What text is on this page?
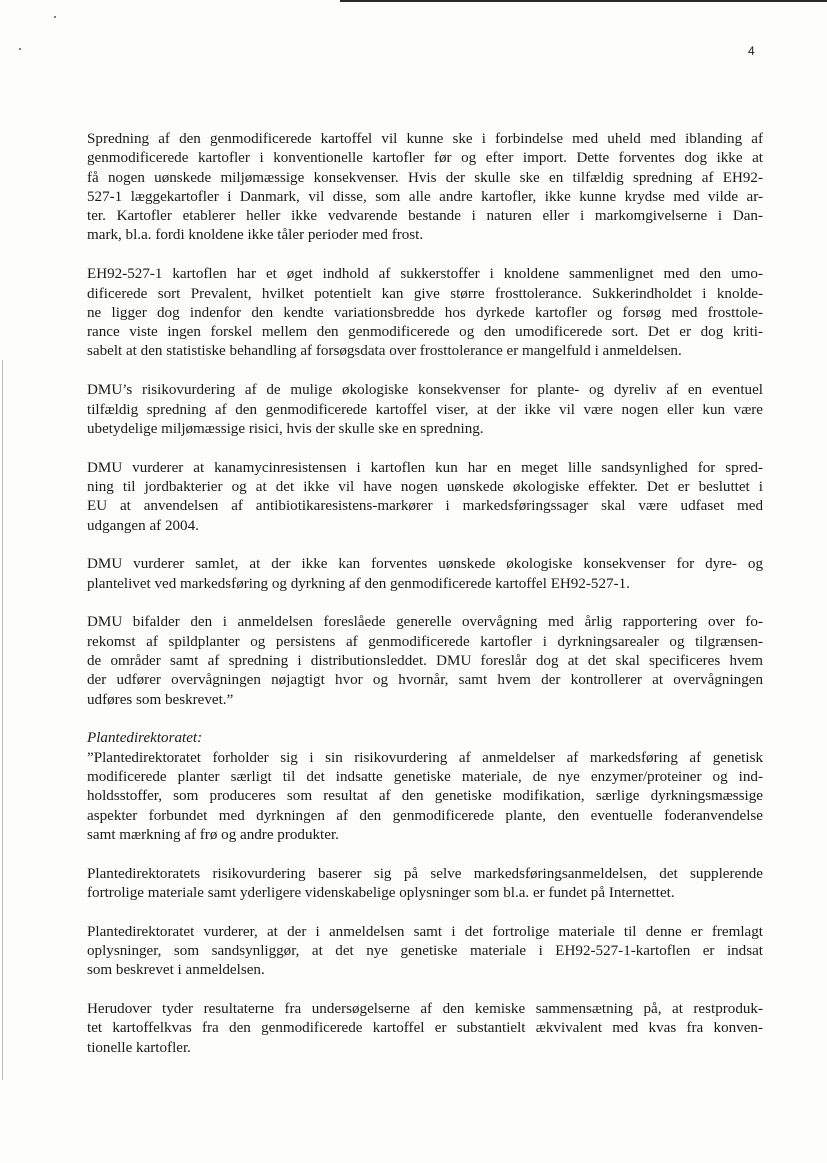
4
Spredning af den genmodificerede kartoffel vil kunne ske i forbindelse med uheld med iblanding af
genmodificerede kartofler i konventionelle kartofler før og efter import. Dette forventes dog ikke at
få nogen uønskede miljømæssige konsekvenser. Hvis der skulle ske en tilfældig spredning af EH92-
527-1 læggekartofler i Danmark, vil disse, som alle andre kartofler, ikke kunne krydse med vilde ar-
ter. Kartofler etablerer heller ikke vedvarende bestande i naturen eller i markomgivelserne i Dan-
mark, bl.a. fordi knoldene ikke tåler perioder med frost.
EH92-527-1 kartoflen har et øget indhold af sukkerstoffer i knoldene sammenlignet med den umo-
dificerede sort Prevalent, hvilket potentielt kan give større frosttolerance. Sukkerindholdet i knolde-
ne ligger dog indenfor den kendte variationsbredde hos dyrkede kartofler og forsøg med frosttole-
rance viste ingen forskel mellem den genmodificerede og den umodificerede sort. Det er dog kriti-
sabelt at den statistiske behandling af forsøgsdata over frosttolerance er mangelfuld i anmeldelsen.
DMU’s risikovurdering af de mulige økologiske konsekvenser for plante- og dyreliv af en eventuel
tilfældig spredning af den genmodificerede kartoffel viser, at der ikke vil være nogen eller kun være
ubetydelige miljømæssige risici, hvis der skulle ske en spredning.
DMU vurderer at kanamycinresistensen i kartoflen kun har en meget lille sandsynlighed for spred-
ning til jordbakterier og at det ikke vil have nogen uønskede økologiske effekter. Det er besluttet i
EU at anvendelsen af antibiotikaresistens-markører i markedsføringssager skal være udfaset med
udgangen af 2004.
DMU vurderer samlet, at der ikke kan forventes uønskede økologiske konsekvenser for dyre- og
plantelivet ved markedsføring og dyrkning af den genmodificerede kartoffel EH92-527-1.
DMU bifalder den i anmeldelsen foreslåede generelle overvågning med årlig rapportering over fo-
rekomst af spildplanter og persistens af genmodificerede kartofler i dyrkningsarealer og tilgrænsen-
de områder samt af spredning i distributionsleddet. DMU foreslår dog at det skal specificeres hvem
der udfører overvågningen nøjagtigt hvor og hvornår, samt hvem der kontrollerer at overvågningen
udføres som beskrevet.”
Plantedirektoratet:
”Plantedirektoratet forholder sig i sin risikovurdering af anmeldelser af markedsføring af genetisk
modificerede planter særligt til det indsatte genetiske materiale, de nye enzymer/proteiner og ind-
holdsstoffer, som produceres som resultat af den genetiske modifikation, særlige dyrkningsmæssige
aspekter forbundet med dyrkningen af den genmodificerede plante, den eventuelle foderanvendelse
samt mærkning af frø og andre produkter.
Plantedirektoratets risikovurdering baserer sig på selve markedsføringsanmeldelsen, det supplerende
fortrolige materiale samt yderligere videnskabelige oplysninger som bl.a. er fundet på Internettet.
Plantedirektoratet vurderer, at der i anmeldelsen samt i det fortrolige materiale til denne er fremlagt
oplysninger, som sandsynliggør, at det nye genetiske materiale i EH92-527-1-kartoflen er indsat
som beskrevet i anmeldelsen.
Herudover tyder resultaterne fra undersøgelserne af den kemiske sammensætning på, at restproduk-
tet kartoffelkvas fra den genmodificerede kartoffel er substantielt ækvivalent med kvas fra konven-
tionelle kartofler.
